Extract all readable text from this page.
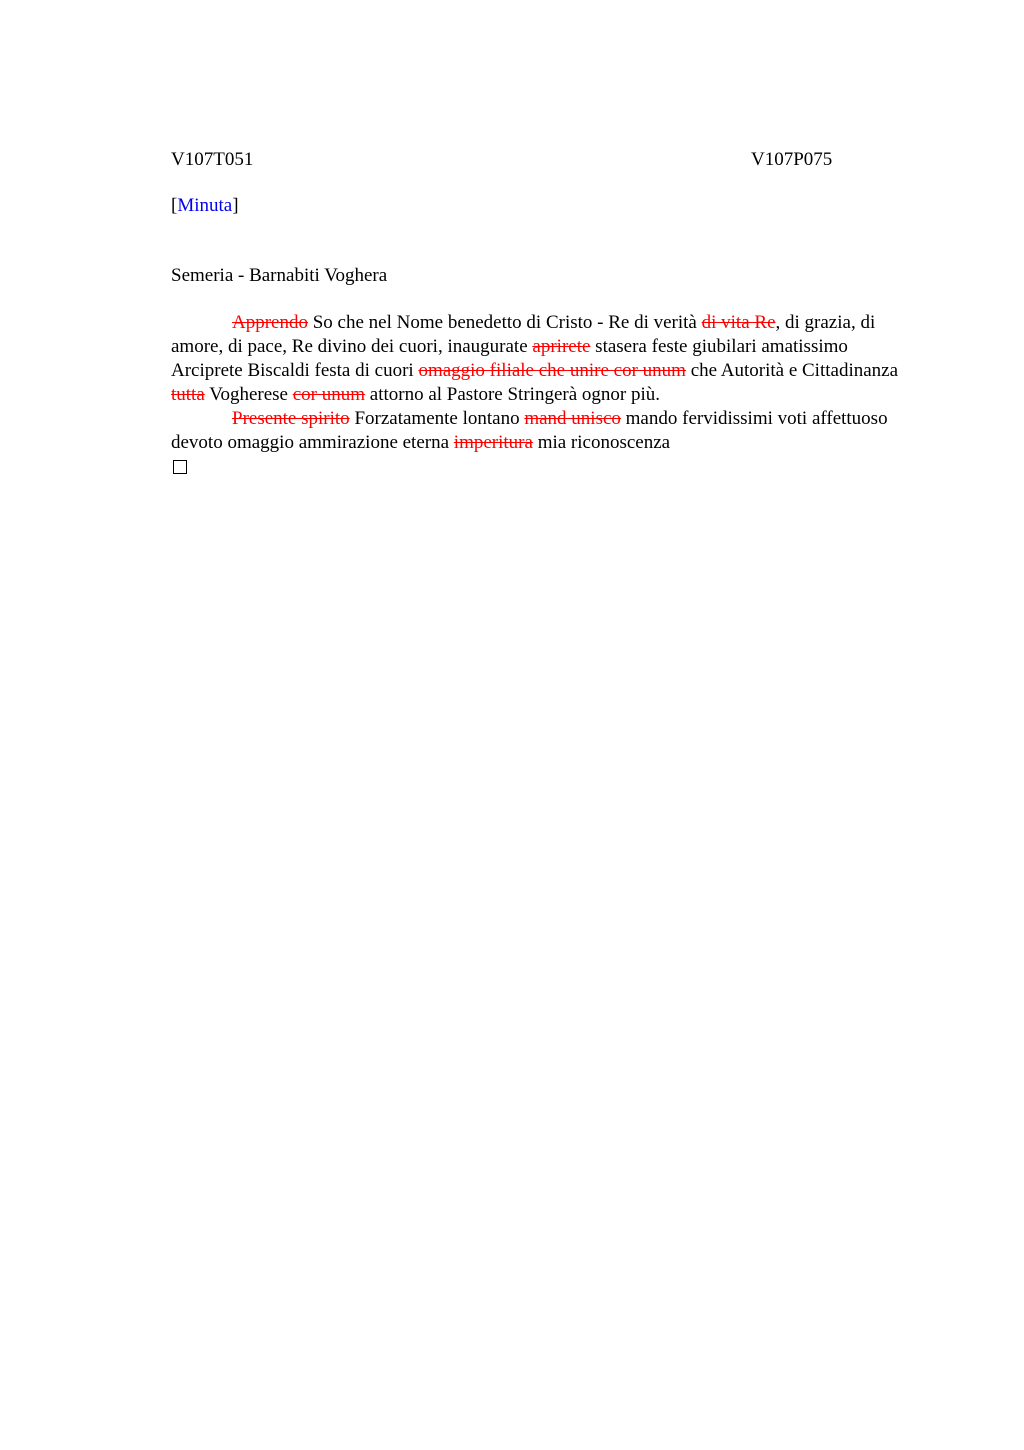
V107T051	V107P075
[Minuta]
Semeria - Barnabiti Voghera

Apprendo So che nel Nome benedetto di Cristo - Re di verità di vita Re, di grazia, di amore, di pace, Re divino dei cuori, inaugurate aprirete stasera feste giubilari amatissimo Arciprete Biscaldi festa di cuori omaggio filiale che unire cor unum che Autorità e Cittadinanza tutta Vogherese cor unum attorno al Pastore Stringerà ognor più.

Presente spirito Forzatamente lontano mand unisco mando fervidissimi voti affettuoso devoto omaggio ammirazione eterna imperitura mia riconoscenza
